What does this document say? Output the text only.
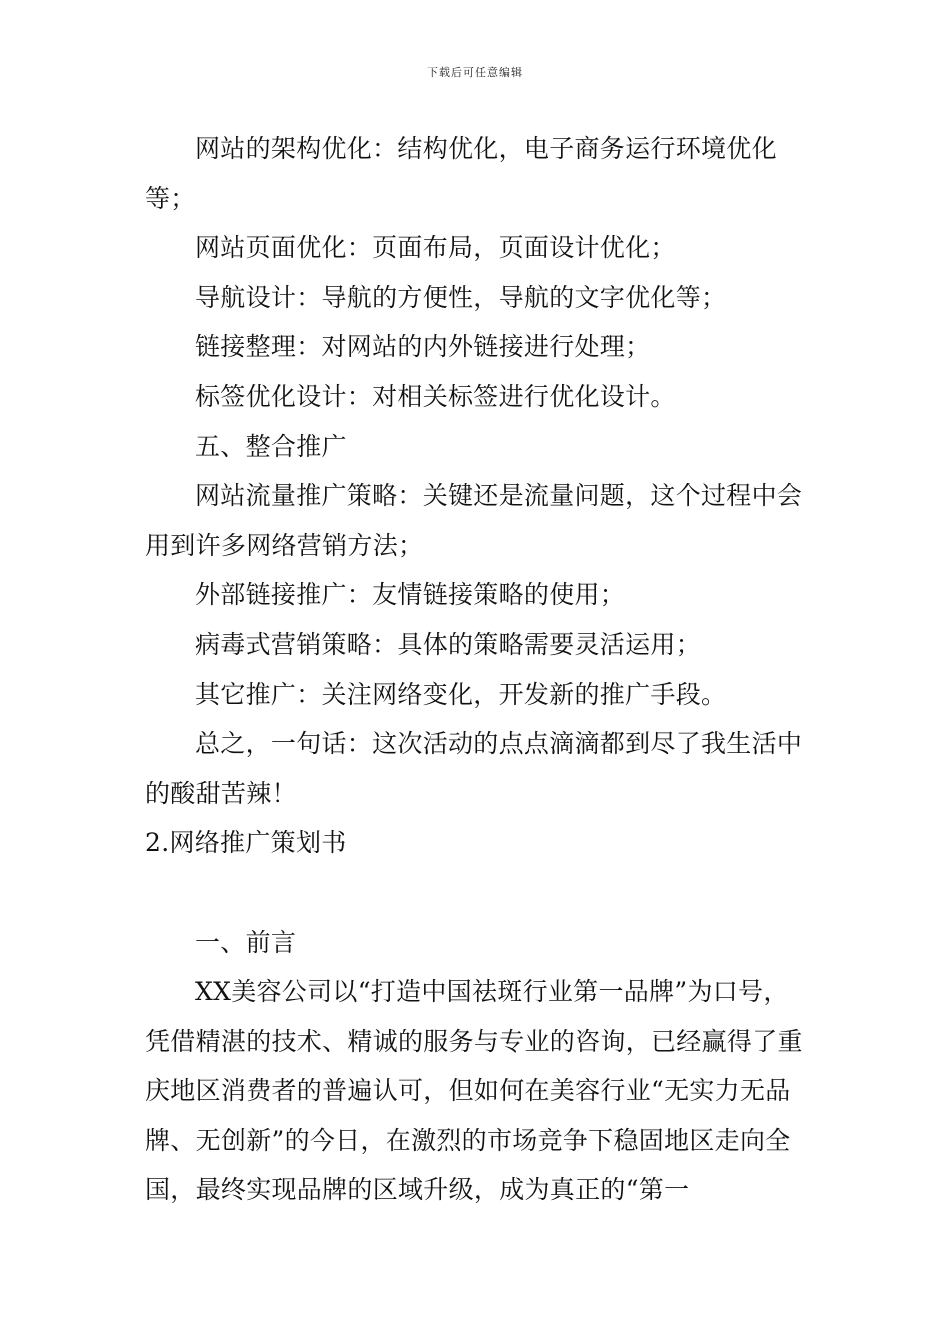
下载后可任意编辑

网站的架构优化：结构优化，电子商务运行环境优化等；

网站页面优化：页面布局，页面设计优化；

导航设计：导航的方便性，导航的文字优化等；

链接整理：对网站的内外链接进行处理；

标签优化设计：对相关标签进行优化设计。

五、整合推广

网站流量推广策略：关键还是流量问题，这个过程中会用到许多网络营销方法；

外部链接推广：友情链接策略的使用；

病毒式营销策略：具体的策略需要灵活运用；

其它推广：关注网络变化，开发新的推广手段。

总之，一句话：这次活动的点点滴滴都到尽了我生活中的酸甜苦辣！

2.网络推广策划书

一、前言

XX美容公司以“打造中国祛斑行业第一品牌”为口号，凭借精湛的技术、精诚的服务与专业的咨询，已经赢得了重庆地区消费者的普遍认可，但如何在美容行业“无实力无品牌、无创新”的今日，在激烈的市场竞争下稳固地区走向全国，最终实现品牌的区域升级，成为真正的“第一
